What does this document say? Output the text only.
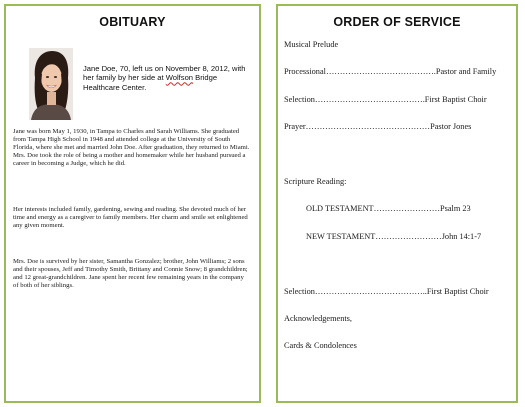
OBITUARY
Jane Doe, 70, left us on November 8, 2012, with her family by her side at Wolfson Bridge Healthcare Center.

Jane was born May 1, 1930, in Tampa to Charles and Sarah Williams. She graduated from Tampa High School in 1948 and attended college at the University of South Florida, where she met and married John Doe. After graduation, they returned to Miami. Mrs. Doe took the role of being a mother and homemaker while her husband pursued a career in becoming a Judge, which he did.

Her interests included family, gardening, sewing and reading. She devoted much of her time and energy as a caregiver to family members. Her charm and smile set enlightened any given moment.

Mrs. Doe is survived by her sister, Samantha Gonzalez; brother, John Williams; 2 sons and their spouses, Jeff and Timothy Smith, Brittany and Connie Snow; 8 grandchildren; and 12 great-grandchildren. Jane spent her recent few remaining years in the company of both of her siblings.

ORDER OF SERVICE
Musical Prelude
Processional………………………………….Pastor and Family
Selection………………………………….First Baptist Choir
Prayer………………………………………Pastor Jones
Scripture Reading:
OLD TESTAMENT……………………Psalm 23
NEW TESTAMENT……………………John 14:1-7
Selection…………………………………..First Baptist Choir
Acknowledgements,
Cards & Condolences
